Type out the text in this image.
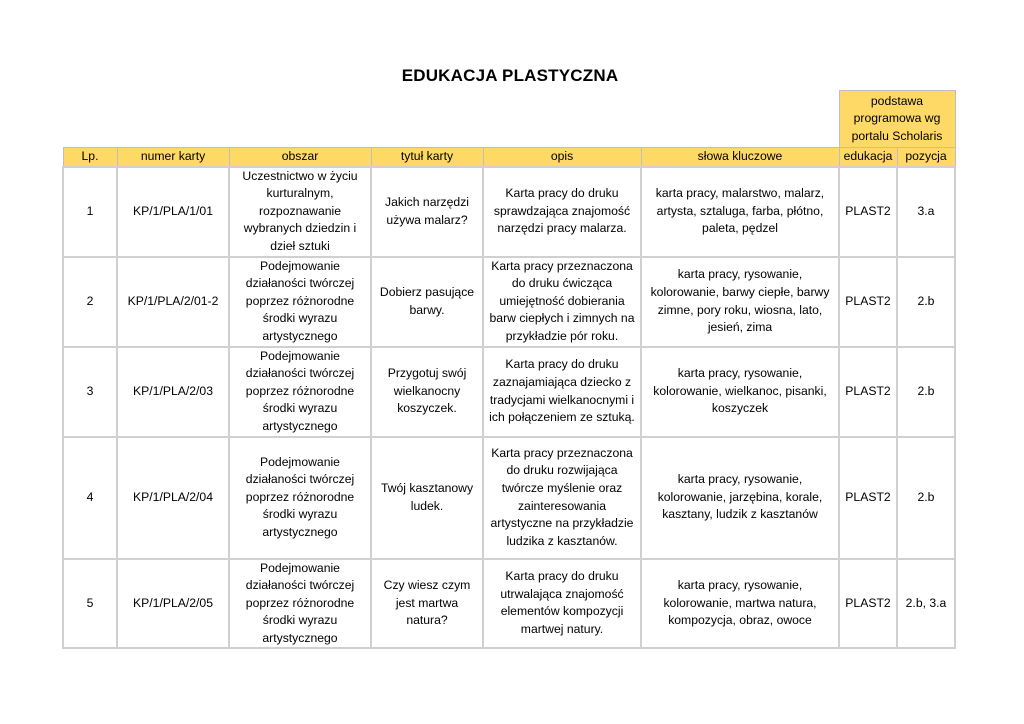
EDUKACJA PLASTYCZNA
						podstawa programowa wg portalu Scholaris	
Lp.	numer karty	obszar	tytuł karty	opis	słowa kluczowe	edukacja	pozycja
1	KP/1/PLA/1/01	Uczestnictwo w życiu kurturalnym, rozpoznawanie wybranych dziedzin i dzieł sztuki	Jakich narzędzi używa malarz?	Karta pracy do druku sprawdzająca znajomość narzędzi pracy malarza.	karta pracy, malarstwo, malarz, artysta, sztaluga, farba, płótno, paleta, pędzel	PLAST2	3.a
2	KP/1/PLA/2/01-2	Podejmowanie działaności twórczej poprzez różnorodne środki wyrazu artystycznego	Dobierz pasujące barwy.	Karta pracy przeznaczona do druku ćwicząca umiejętność dobierania barw ciepłych i zimnych na przykładzie pór roku.	karta pracy, rysowanie, kolorowanie, barwy ciepłe, barwy zimne, pory roku, wiosna, lato, jesień, zima	PLAST2	2.b
3	KP/1/PLA/2/03	Podejmowanie działaności twórczej poprzez różnorodne środki wyrazu artystycznego	Przygotuj swój wielkanocny koszyczek.	Karta pracy do druku zaznajamiająca dziecko z tradycjami wielkanocnymi i ich połączeniem ze sztuką.	karta pracy, rysowanie, kolorowanie, wielkanoc, pisanki, koszyczek	PLAST2	2.b
4	KP/1/PLA/2/04	Podejmowanie działaności twórczej poprzez różnorodne środki wyrazu artystycznego	Twój kasztanowy ludek.	Karta pracy przeznaczona do druku rozwijająca twórcze myślenie oraz zainteresowania artystyczne na przykładzie ludzika z kasztanów.	karta pracy, rysowanie, kolorowanie, jarzębina, korale, kasztany, ludzik z kasztanów	PLAST2	2.b
5	KP/1/PLA/2/05	Podejmowanie działaności twórczej poprzez różnorodne środki wyrazu artystycznego	Czy wiesz czym jest martwa natura?	Karta pracy do druku utrwalająca znajomość elementów kompozycji martwej natury.	karta pracy, rysowanie, kolorowanie, martwa natura, kompozycja, obraz, owoce	PLAST2	2.b, 3.a
